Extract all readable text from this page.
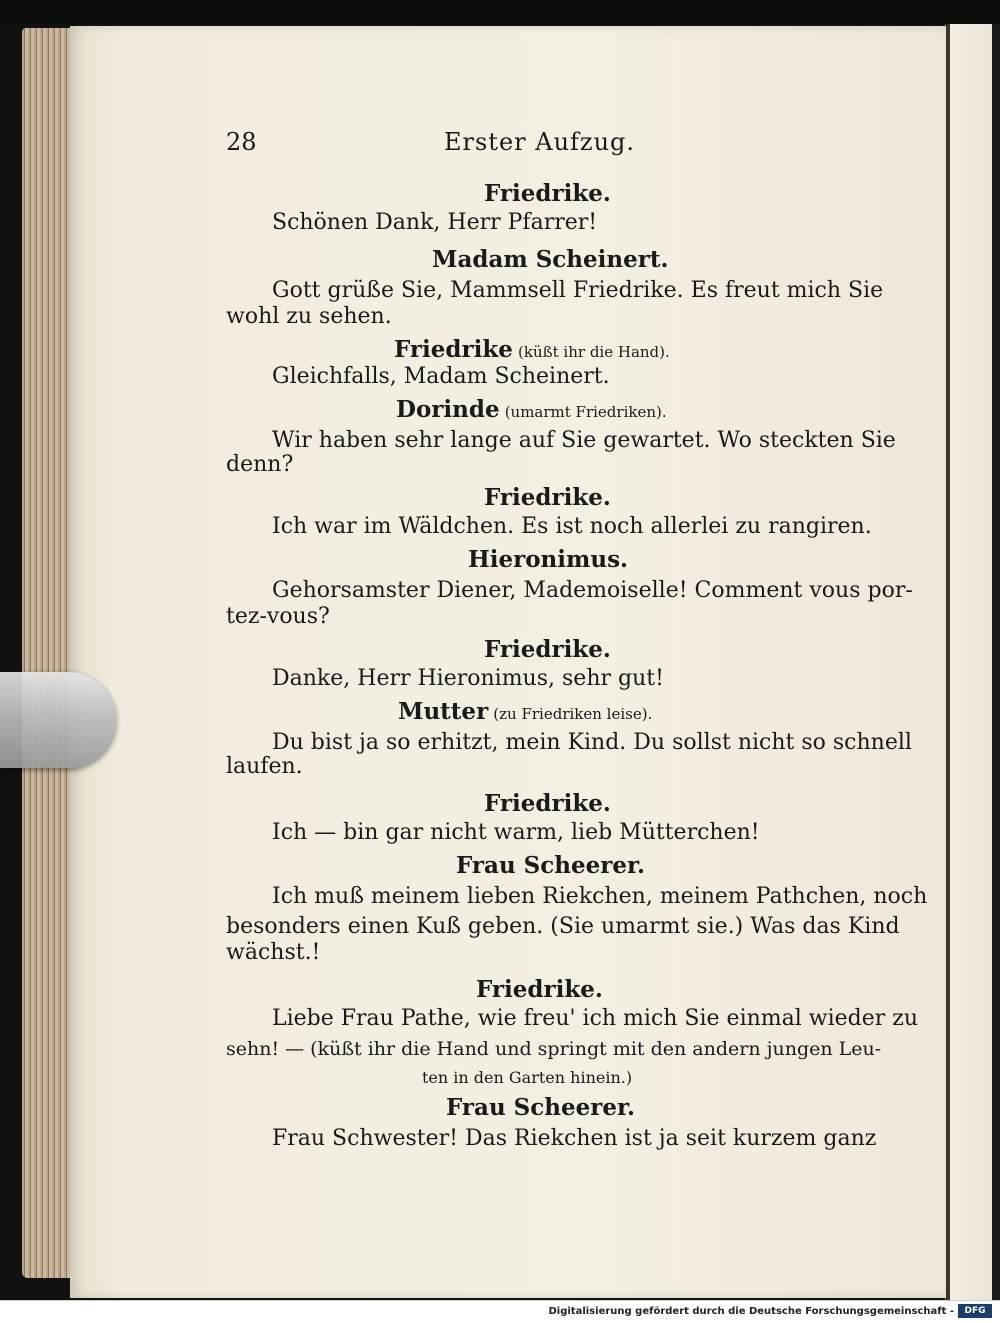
28	Erster Aufzug.
Friedrike.
Schönen Dank, Herr Pfarrer!
Madam Scheinert.
Gott grüße Sie, Mammsell Friedrike. Es freut mich Sie
wohl zu sehen.
Friedrike (küßt ihr die Hand).
Gleichfalls, Madam Scheinert.
Dorinde (umarmt Friedriken).
Wir haben sehr lange auf Sie gewartet. Wo steckten Sie
denn?
Friedrike.
Ich war im Wäldchen. Es ist noch allerlei zu rangiren.
Hieronimus.
Gehorsamster Diener, Mademoiselle! Comment vous por-
tez-vous?
Friedrike.
Danke, Herr Hieronimus, sehr gut!
Mutter (zu Friedriken leise).
Du bist ja so erhitzt, mein Kind. Du sollst nicht so schnell
laufen.
Friedrike.
Ich — bin gar nicht warm, lieb Mütterchen!
Frau Scheerer.
Ich muß meinem lieben Riekchen, meinem Pathchen, noch
besonders einen Kuß geben. (Sie umarmt sie.) Was das Kind
wächst.!
Friedrike.
Liebe Frau Pathe, wie freu' ich mich Sie einmal wieder zu
sehn! — (küßt ihr die Hand und springt mit den andern jungen Leu-
ten in den Garten hinein.)
Frau Scheerer.
Frau Schwester! Das Riekchen ist ja seit kurzem ganz
Digitalisierung gefördert durch die Deutsche Forschungsgemeinschaft -	DFG
